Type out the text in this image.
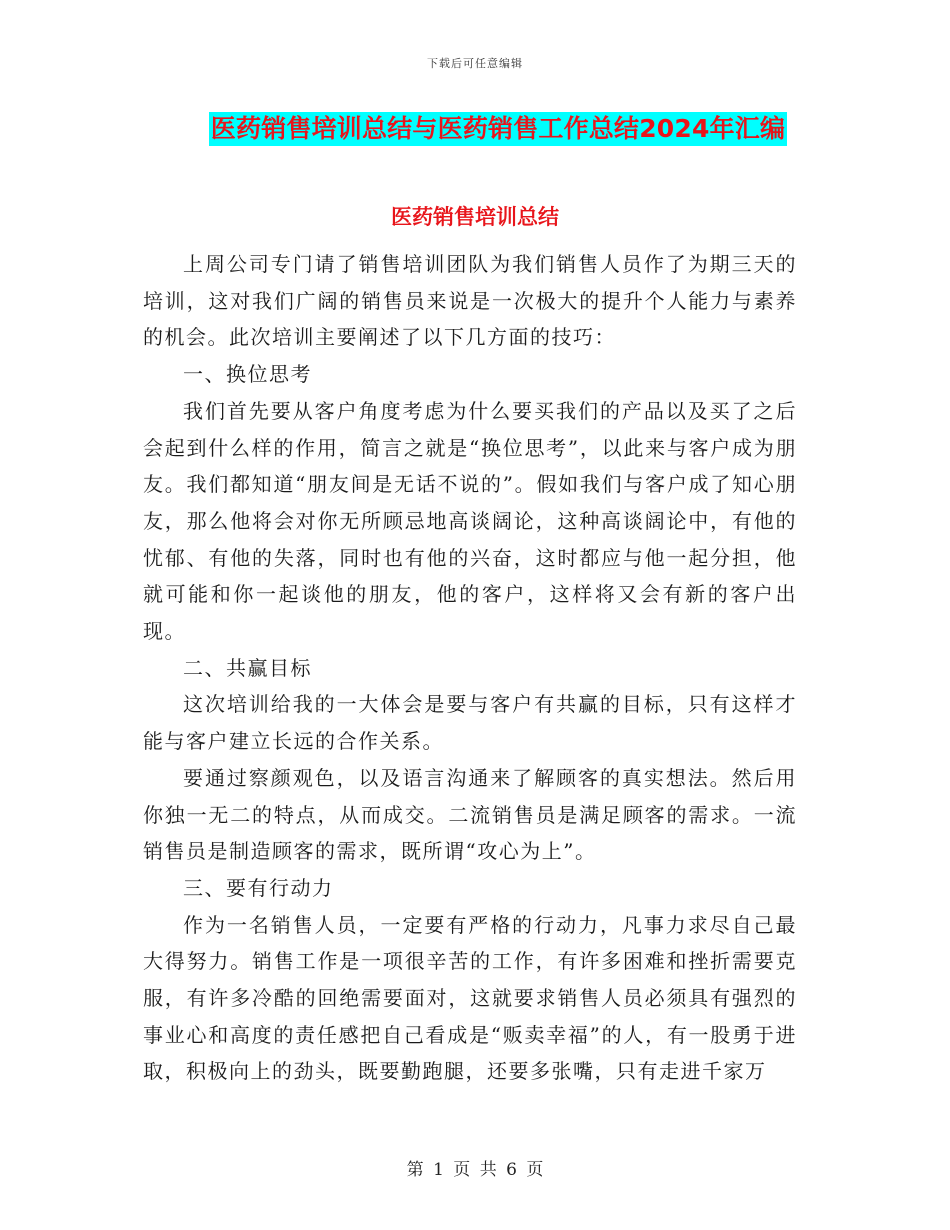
下载后可任意编辑
医药销售培训总结与医药销售工作总结2024年汇编
医药销售培训总结

上周公司专门请了销售培训团队为我们销售人员作了为期三天的培训，这对我们广阔的销售员来说是一次极大的提升个人能力与素养的机会。此次培训主要阐述了以下几方面的技巧：

一、换位思考

我们首先要从客户角度考虑为什么要买我们的产品以及买了之后会起到什么样的作用，简言之就是“换位思考”，以此来与客户成为朋友。我们都知道“朋友间是无话不说的”。假如我们与客户成了知心朋友，那么他将会对你无所顾忌地高谈阔论，这种高谈阔论中，有他的忧郁、有他的失落，同时也有他的兴奋，这时都应与他一起分担，他就可能和你一起谈他的朋友，他的客户，这样将又会有新的客户出现。

二、共赢目标

这次培训给我的一大体会是要与客户有共赢的目标，只有这样才能与客户建立长远的合作关系。

要通过察颜观色，以及语言沟通来了解顾客的真实想法。然后用你独一无二的特点，从而成交。二流销售员是满足顾客的需求。一流销售员是制造顾客的需求，既所谓“攻心为上”。

三、要有行动力

作为一名销售人员，一定要有严格的行动力，凡事力求尽自己最大得努力。销售工作是一项很辛苦的工作，有许多困难和挫折需要克服，有许多冷酷的回绝需要面对，这就要求销售人员必须具有强烈的事业心和高度的责任感把自己看成是“贩卖幸福”的人，有一股勇于进取，积极向上的劲头，既要勤跑腿，还要多张嘴，只有走进千家万

第 1 页 共 6 页
